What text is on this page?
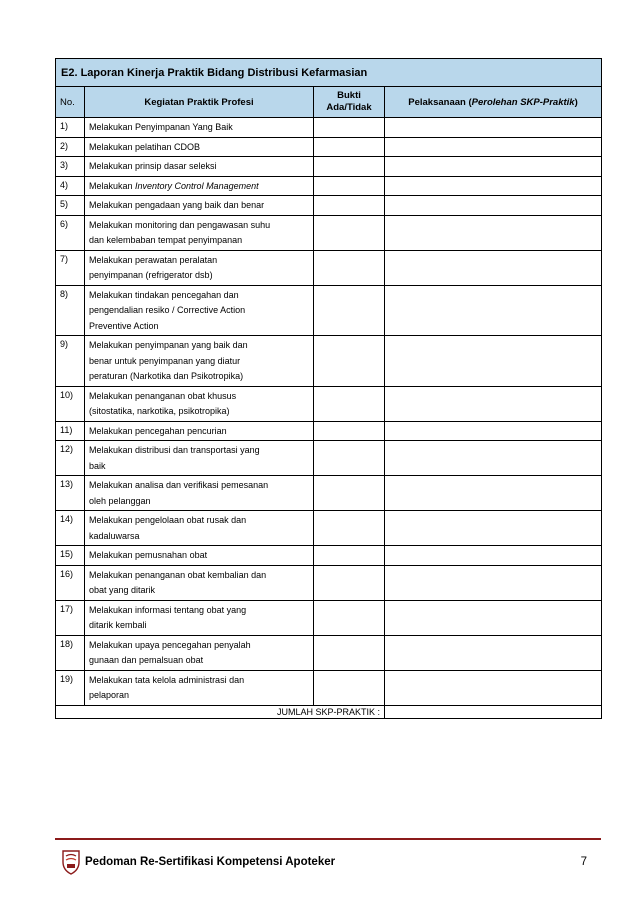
E2. Laporan Kinerja Praktik Bidang Distribusi Kefarmasian			
No.	Kegiatan Praktik Profesi	Bukti
Ada/Tidak	Pelaksanaan (Perolehan SKP-Praktik)
1)	Melakukan Penyimpanan Yang Baik		
2)	Melakukan pelatihan CDOB		
3)	Melakukan prinsip dasar seleksi		
4)	Melakukan Inventory Control Management		
5)	Melakukan pengadaan yang baik dan benar		
6)	Melakukan monitoring dan pengawasan suhu
dan kelembaban tempat penyimpanan		
7)	Melakukan perawatan peralatan
penyimpanan (refrigerator dsb)		
8)	Melakukan tindakan pencegahan dan
pengendalian resiko / Corrective Action
Preventive Action		
9)	Melakukan penyimpanan yang baik dan
benar untuk penyimpanan yang diatur
peraturan (Narkotika dan Psikotropika)		
10)	Melakukan penanganan obat khusus
(sitostatika, narkotika, psikotropika)		
11)	Melakukan pencegahan pencurian		
12)	Melakukan distribusi dan transportasi yang
baik		
13)	Melakukan analisa dan verifikasi pemesanan
oleh pelanggan		
14)	Melakukan pengelolaan obat rusak dan
kadaluwarsa		
15)	Melakukan pemusnahan obat		
16)	Melakukan penanganan obat kembalian dan
obat yang ditarik		
17)	Melakukan informasi tentang obat yang
ditarik kembali		
18)	Melakukan upaya pencegahan penyalah
gunaan dan pemalsuan obat		
19)	Melakukan tata kelola administrasi dan
pelaporan		
JUMLAH SKP-PRAKTIK :			
Pedoman Re-Sertifikasi Kompetensi Apoteker	7
